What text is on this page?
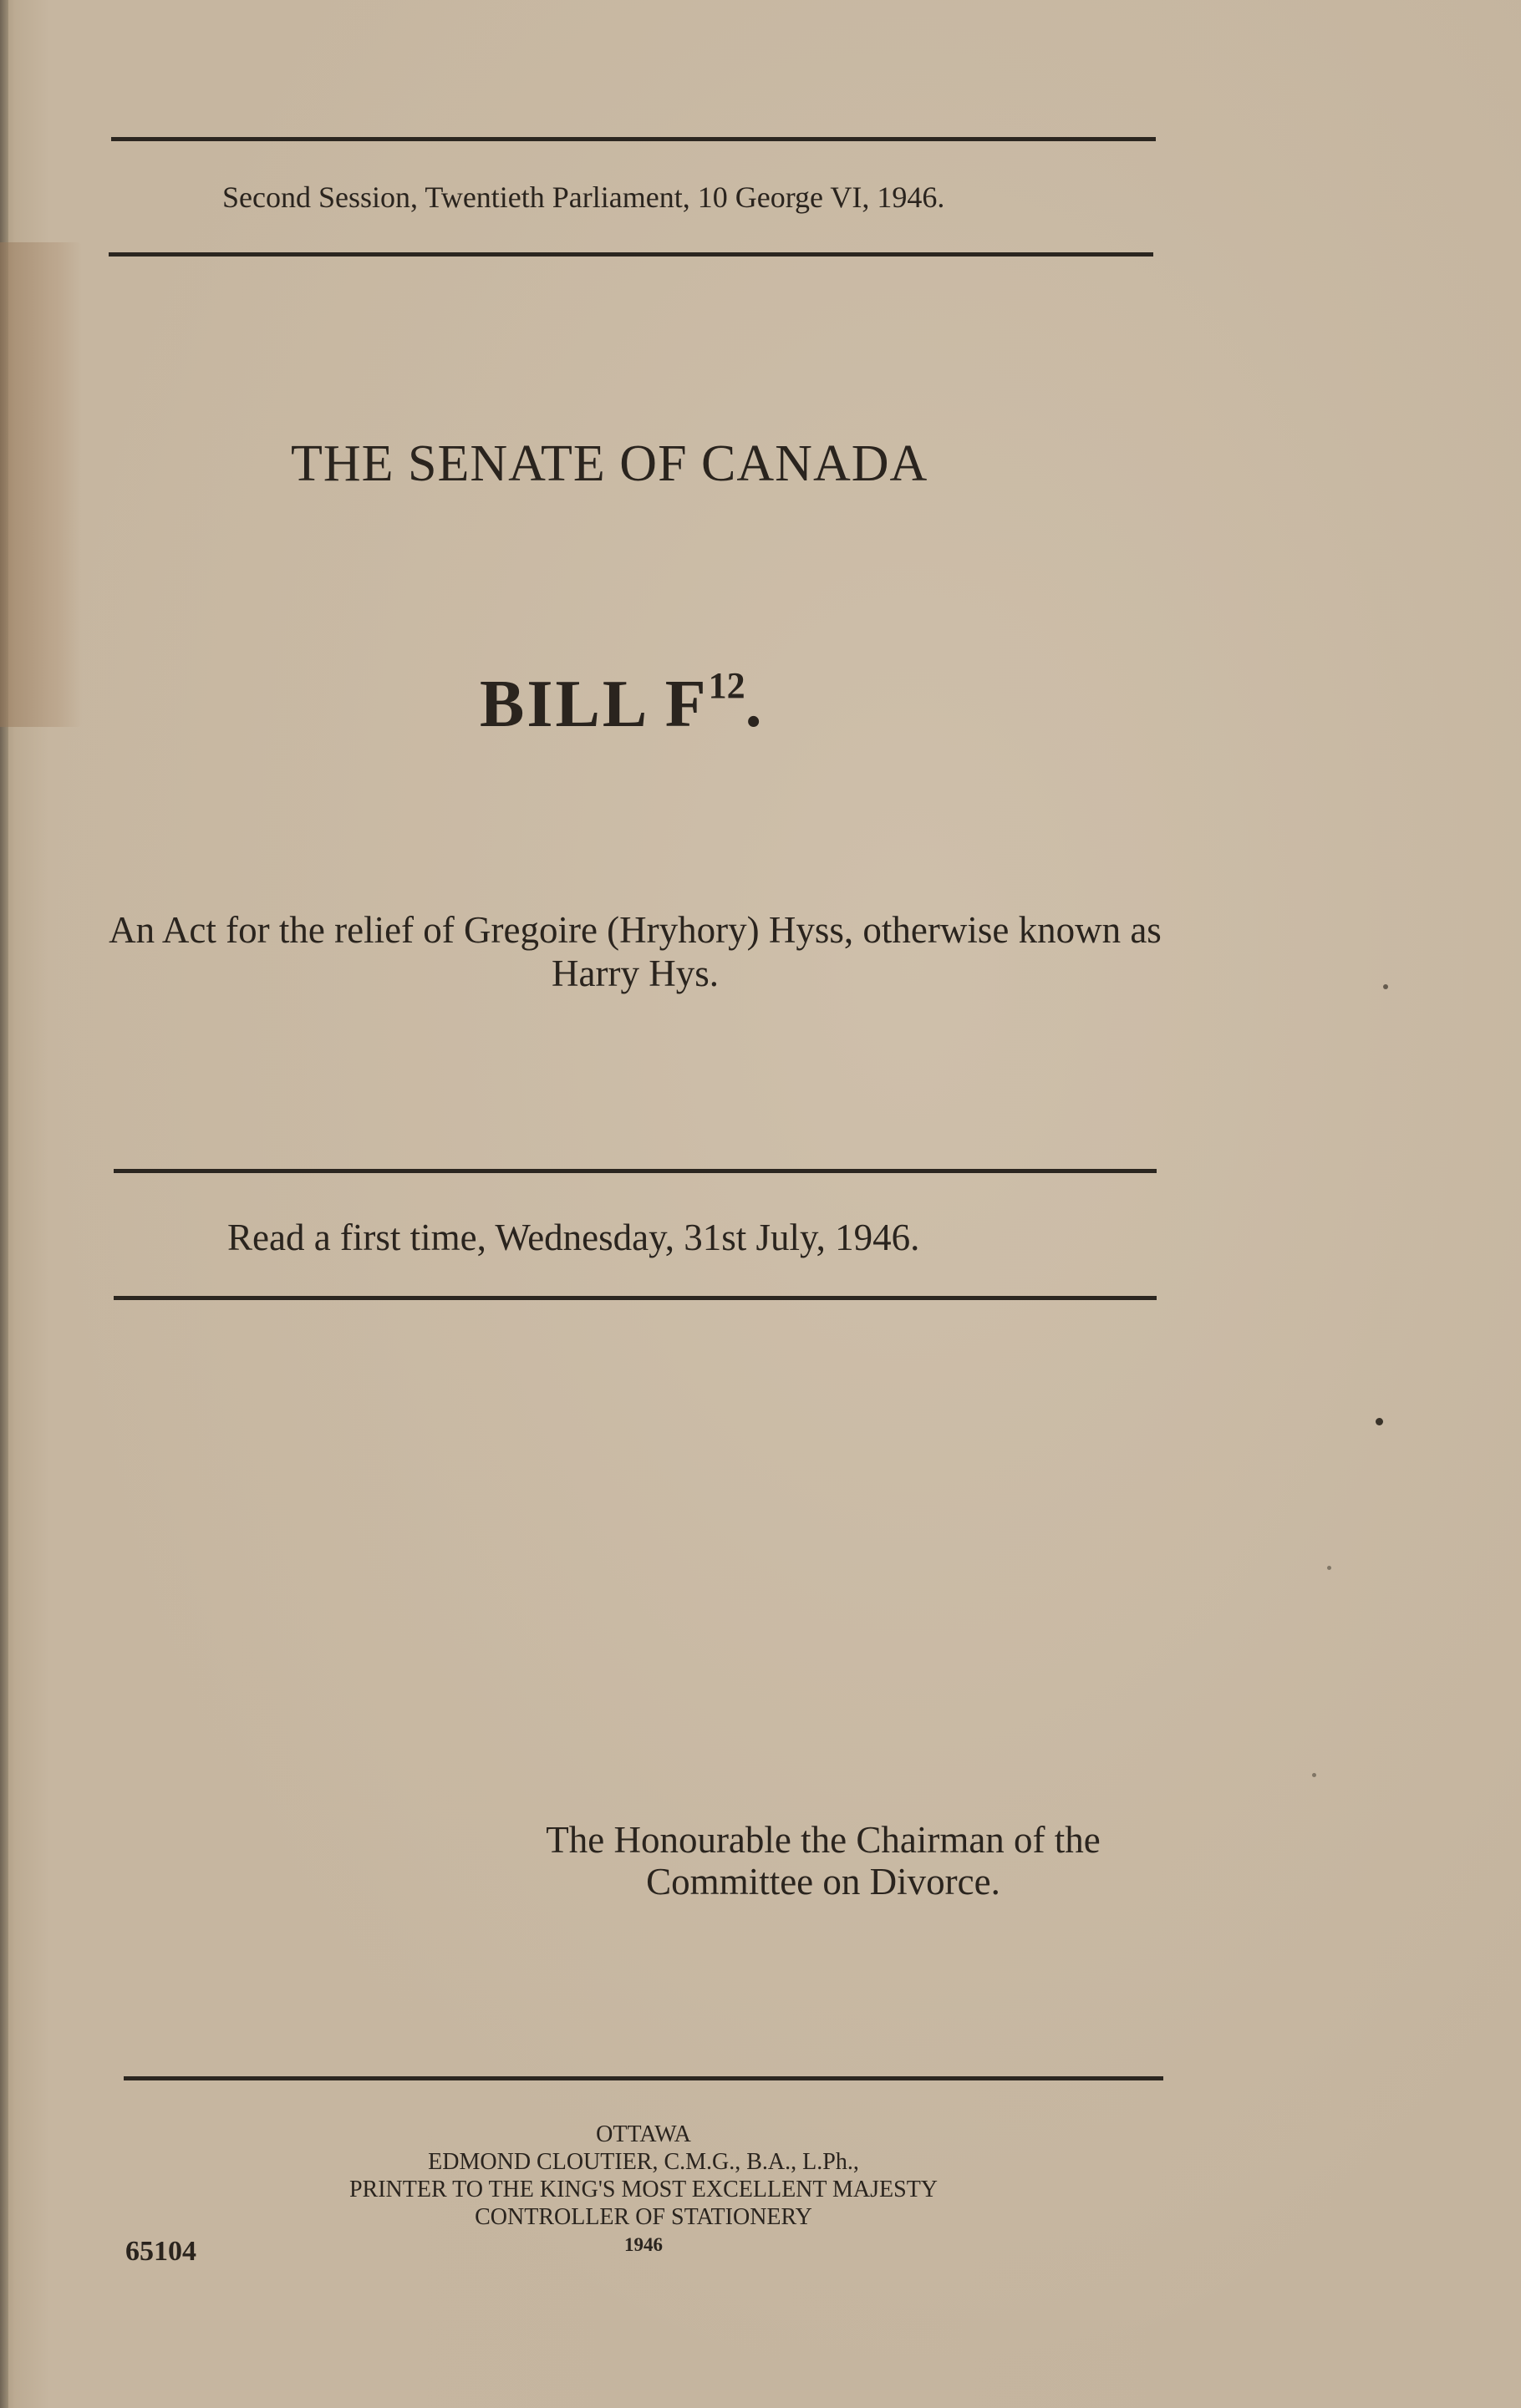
Second Session, Twentieth Parliament, 10 George VI, 1946.
THE SENATE OF CANADA
BILL $F^{12}$.
An Act for the relief of Gregoire (Hryhory) Hyss, otherwise known as Harry Hys.
Read a first time, Wednesday, 31st July, 1946.
The Honourable the Chairman of the Committee on Divorce.
OTTAWA
EDMOND CLOUTIER, C.M.G., B.A., L.Ph.,
PRINTER TO THE KING'S MOST EXCELLENT MAJESTY
CONTROLLER OF STATIONERY
1946
65104
